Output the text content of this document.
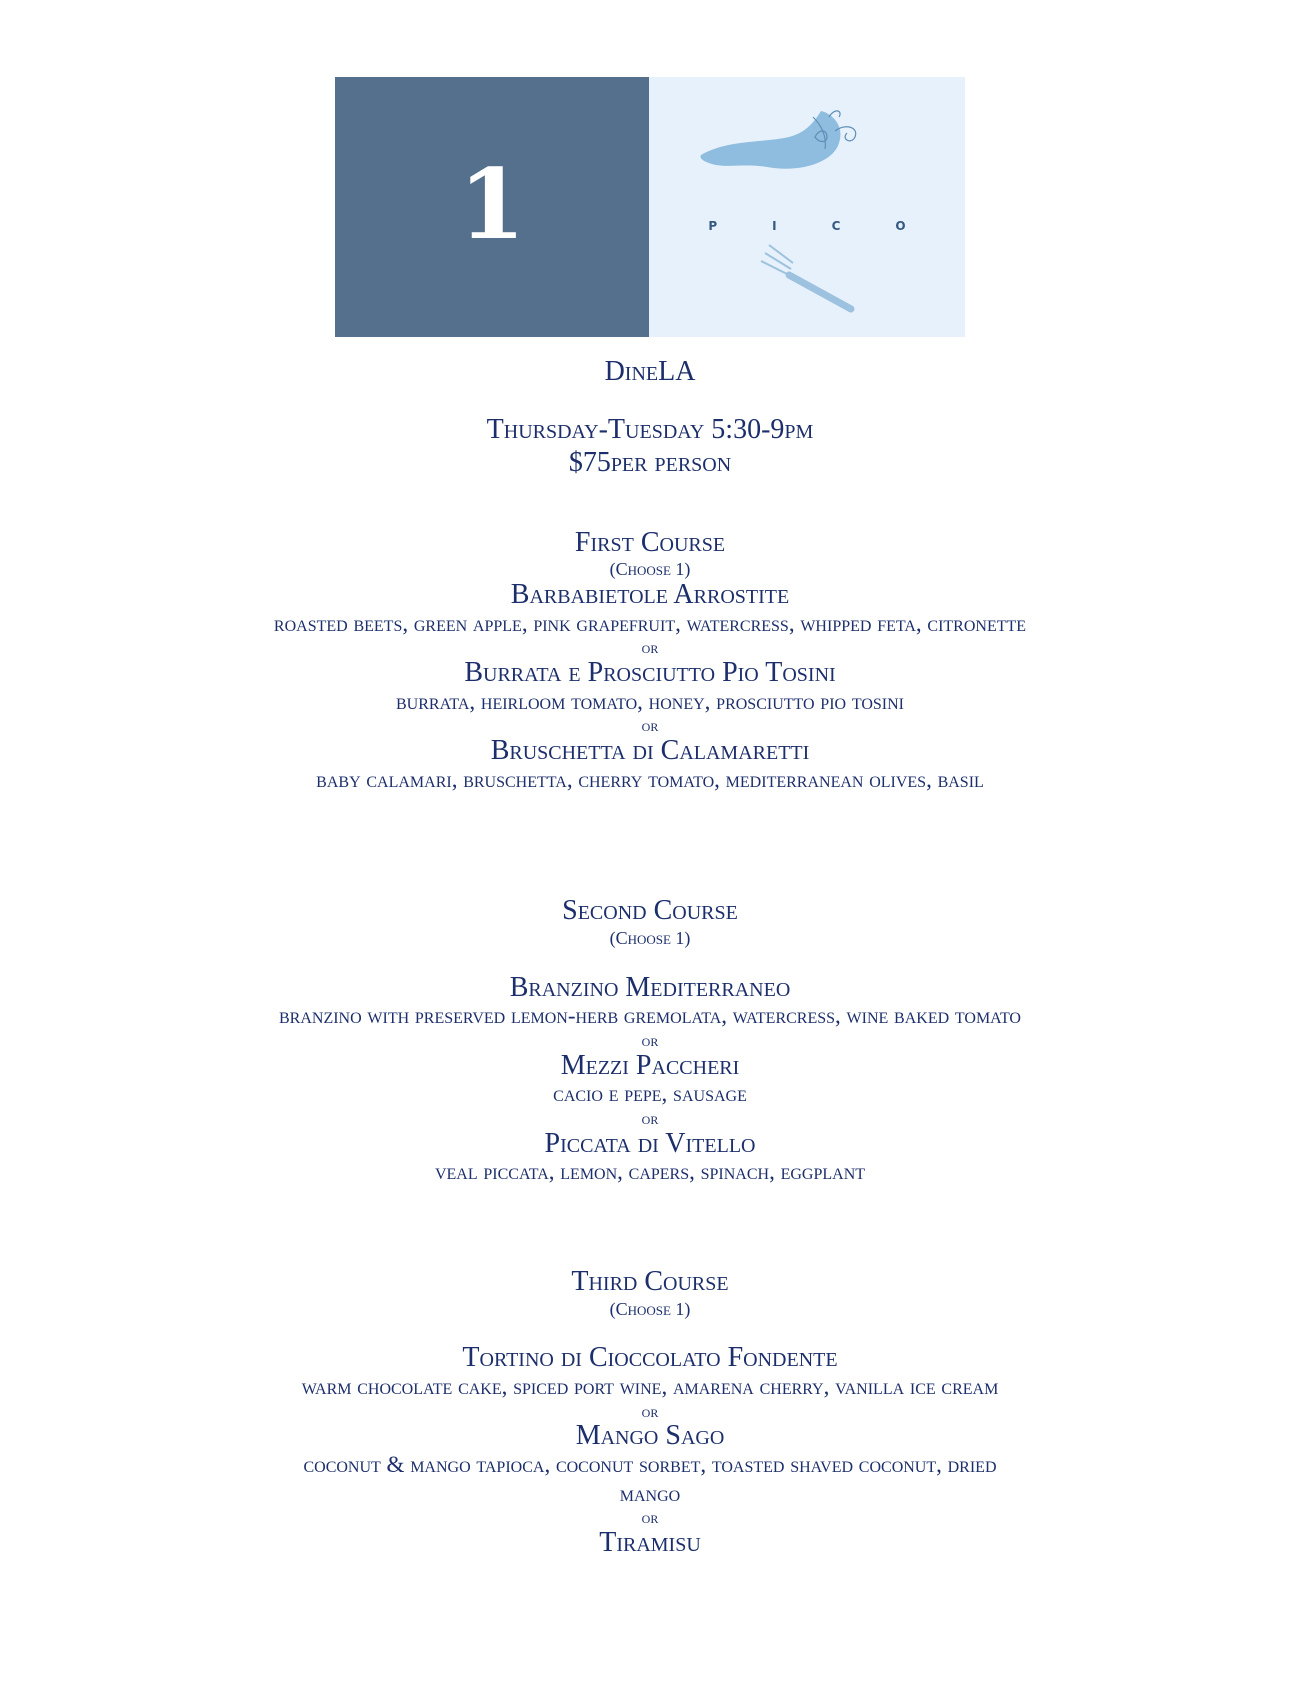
1	PICO
DineLA
Thursday-Tuesday 5:30-9pm
$75per person
First Course
(Choose 1)
Barbabietole Arrostite
roasted beets, green apple, pink grapefruit, watercress, whipped feta, citronette
or
Burrata e Prosciutto Pio Tosini
burrata, heirloom tomato, honey, prosciutto pio tosini
or
Bruschetta di Calamaretti
baby calamari, bruschetta, cherry tomato, mediterranean olives, basil
Second Course
(Choose 1)
Branzino Mediterraneo
branzino with preserved lemon-herb gremolata, watercress, wine baked tomato
or
Mezzi Paccheri
cacio e pepe, sausage
or
Piccata di Vitello
veal piccata, lemon, capers, spinach, eggplant
Third Course
(Choose 1)
Tortino di Cioccolato Fondente
warm chocolate cake, spiced port wine, amarena cherry, vanilla ice cream
or
Mango Sago
coconut & mango tapioca, coconut sorbet, toasted shaved coconut, dried
mango
or
Tiramisu
